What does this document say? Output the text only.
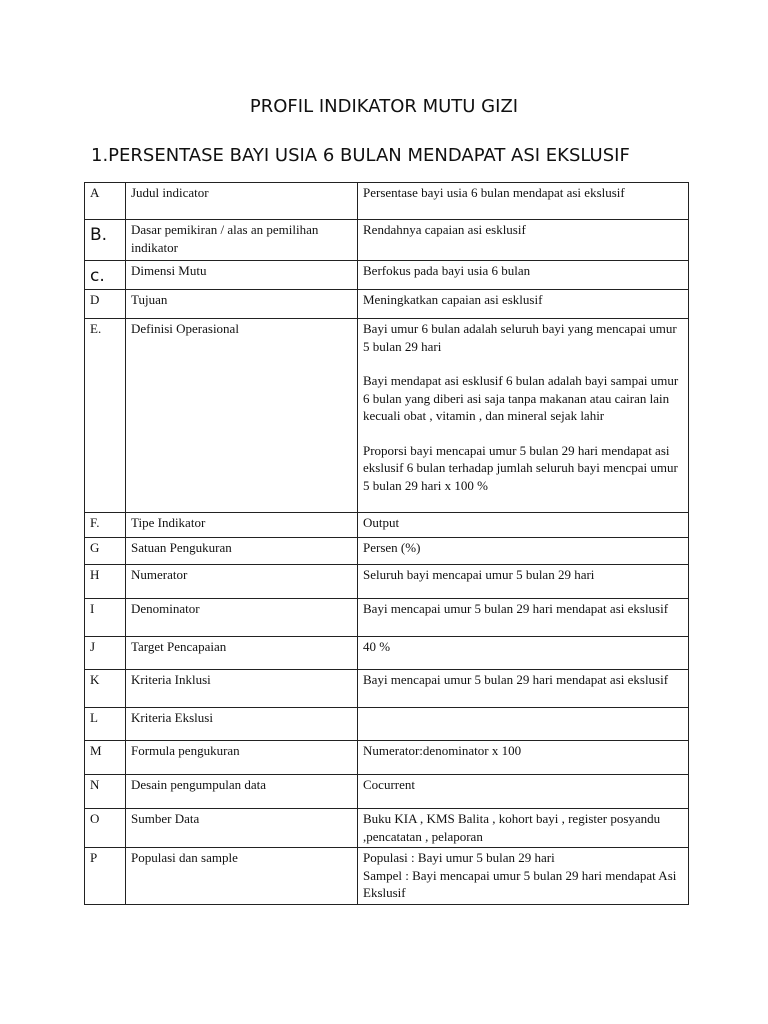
PROFIL INDIKATOR MUTU GIZI
1.PERSENTASE BAYI USIA 6 BULAN MENDAPAT ASI EKSLUSIF
A	Judul indicator	Persentase bayi usia 6 bulan mendapat asi ekslusif
B.	Dasar pemikiran / alas an pemilihan indikator	Rendahnya capaian asi esklusif
c.	Dimensi Mutu	Berfokus pada bayi usia 6 bulan
D	Tujuan	Meningkatkan capaian asi esklusif
E.	Definisi Operasional	Bayi umur 6 bulan adalah seluruh bayi yang mencapai umur 5 bulan 29 hari
Bayi mendapat asi esklusif 6 bulan adalah bayi sampai umur 6 bulan yang diberi asi saja tanpa makanan atau cairan lain kecuali obat , vitamin , dan mineral sejak lahir
Proporsi bayi mencapai umur 5 bulan 29 hari mendapat asi ekslusif 6 bulan terhadap jumlah seluruh bayi mencpai umur 5 bulan 29 hari x 100 %

F.	Tipe Indikator	Output
G	Satuan Pengukuran	Persen (%)
H	Numerator	Seluruh bayi mencapai umur 5 bulan 29 hari
I	Denominator	Bayi mencapai umur 5 bulan 29 hari mendapat asi ekslusif
J	Target Pencapaian	40 %
K	Kriteria Inklusi	Bayi mencapai umur 5 bulan 29 hari mendapat asi ekslusif
L	Kriteria Ekslusi	
M	Formula pengukuran	Numerator:denominator x 100
N	Desain pengumpulan data	Cocurrent
O	Sumber Data	Buku KIA , KMS Balita , kohort bayi , register posyandu ,pencatatan , pelaporan
P	Populasi dan sample	Populasi : Bayi umur 5 bulan 29 hari
Sampel : Bayi mencapai umur 5 bulan 29 hari mendapat Asi Ekslusif
